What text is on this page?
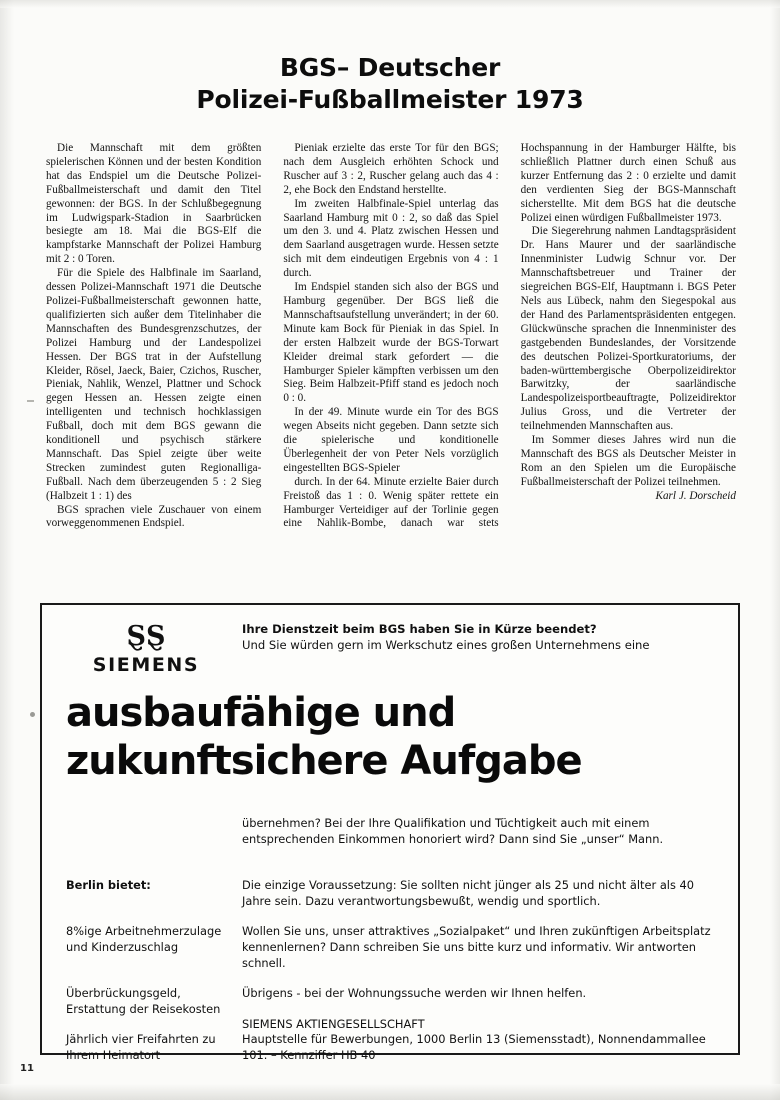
BGS– Deutscher
Polizei-Fußballmeister 1973

Die Mannschaft mit dem größten spielerischen Können und der besten Kondition hat das Endspiel um die Deutsche Polizei-Fußballmeisterschaft und damit den Titel gewonnen: der BGS. In der Schlußbegegnung im Ludwigspark-Stadion in Saarbrücken besiegte am 18. Mai die BGS-Elf die kampfstarke Mannschaft der Polizei Hamburg mit 2 : 0 Toren.

Für die Spiele des Halbfinale im Saarland, dessen Polizei-Mannschaft 1971 die Deutsche Polizei-Fußballmeisterschaft gewonnen hatte, qualifizierten sich außer dem Titelinhaber die Mannschaften des Bundesgrenzschutzes, der Polizei Hamburg und der Landespolizei Hessen. Der BGS trat in der Aufstellung Kleider, Rösel, Jaeck, Baier, Czichos, Ruscher, Pieniak, Nahlik, Wenzel, Plattner und Schock gegen Hessen an. Hessen zeigte einen intelligenten und technisch hochklassigen Fußball, doch mit dem BGS gewann die konditionell und psychisch stärkere Mannschaft. Das Spiel zeigte über weite Strecken zumindest guten Regionalliga-Fußball. Nach dem überzeugenden 5 : 2 Sieg (Halbzeit 1 : 1) des

BGS sprachen viele Zuschauer von einem vorweggenommenen Endspiel.

Pieniak erzielte das erste Tor für den BGS; nach dem Ausgleich erhöhten Schock und Ruscher auf 3 : 2, Ruscher gelang auch das 4 : 2, ehe Bock den Endstand herstellte.

Im zweiten Halbfinale-Spiel unterlag das Saarland Hamburg mit 0 : 2, so daß das Spiel um den 3. und 4. Platz zwischen Hessen und dem Saarland ausgetragen wurde. Hessen setzte sich mit dem eindeutigen Ergebnis von 4 : 1 durch.

Im Endspiel standen sich also der BGS und Hamburg gegenüber. Der BGS ließ die Mannschaftsaufstellung unverändert; in der 60. Minute kam Bock für Pieniak in das Spiel. In der ersten Halbzeit wurde der BGS-Torwart Kleider dreimal stark gefordert — die Hamburger Spieler kämpften verbissen um den Sieg. Beim Halbzeit-Pfiff stand es jedoch noch 0 : 0.

In der 49. Minute wurde ein Tor des BGS wegen Abseits nicht gegeben. Dann setzte sich die spielerische und konditionelle Überlegenheit der von Peter Nels vorzüglich eingestellten BGS-Spieler

durch. In der 64. Minute erzielte Baier durch Freistoß das 1 : 0. Wenig später rettete ein Hamburger Verteidiger auf der Torlinie gegen eine Nahlik-Bombe, danach war stets Hochspannung in der Hamburger Hälfte, bis schließlich Plattner durch einen Schuß aus kurzer Entfernung das 2 : 0 erzielte und damit den verdienten Sieg der BGS-Mannschaft sicherstellte. Mit dem BGS hat die deutsche Polizei einen würdigen Fußballmeister 1973.

Die Siegerehrung nahmen Landtagspräsident Dr. Hans Maurer und der saarländische Innenminister Ludwig Schnur vor. Der Mannschaftsbetreuer und Trainer der siegreichen BGS-Elf, Hauptmann i. BGS Peter Nels aus Lübeck, nahm den Siegespokal aus der Hand des Parlamentspräsidenten entgegen. Glückwünsche sprachen die Innenminister des gastgebenden Bundeslandes, der Vorsitzende des deutschen Polizei-Sportkuratoriums, der baden-württembergische Oberpolizeidirektor Barwitzky, der saarländische Landespolizeisportbeauftragte, Polizeidirektor Julius Gross, und die Vertreter der teilnehmenden Mannschaften aus.

Im Sommer dieses Jahres wird nun die Mannschaft des BGS als Deutscher Meister in Rom an den Spielen um die Europäische Fußballmeisterschaft der Polizei teilnehmen.

Karl J. Dorscheid

ⱾⱾ
SIEMENS
Ihre Dienstzeit beim BGS haben Sie in Kürze beendet?
Und Sie würden gern im Werkschutz eines großen Unternehmens eine
ausbaufähige und
zukunftsichere Aufgabe

übernehmen? Bei der Ihre Qualifikation und Tüchtigkeit auch mit einem entsprechenden Einkommen honoriert wird? Dann sind Sie „unser“ Mann.

Berlin bietet:	Die einzige Voraussetzung: Sie sollten nicht jünger als 25 und nicht älter als 40 Jahre sein. Dazu verantwortungsbewußt, wendig und sportlich.
8%ige Arbeitnehmerzulage und Kinderzuschlag
Wollen Sie uns, unser attraktives „Sozialpaket“ und Ihren zukünftigen Arbeitsplatz kennenlernen? Dann schreiben Sie uns bitte kurz und informativ. Wir antworten schnell.
Überbrückungsgeld, Erstattung der Reisekosten
Übrigens - bei der Wohnungssuche werden wir Ihnen helfen.
Jährlich vier Freifahrten zu Ihrem Heimatort
Hauptstelle für Bewerbungen, 1000 Berlin 13 (Siemensstadt), Nonnendammallee 101. – Kennziffer HB 40
SIEMENS AKTIENGESELLSCHAFT
11
